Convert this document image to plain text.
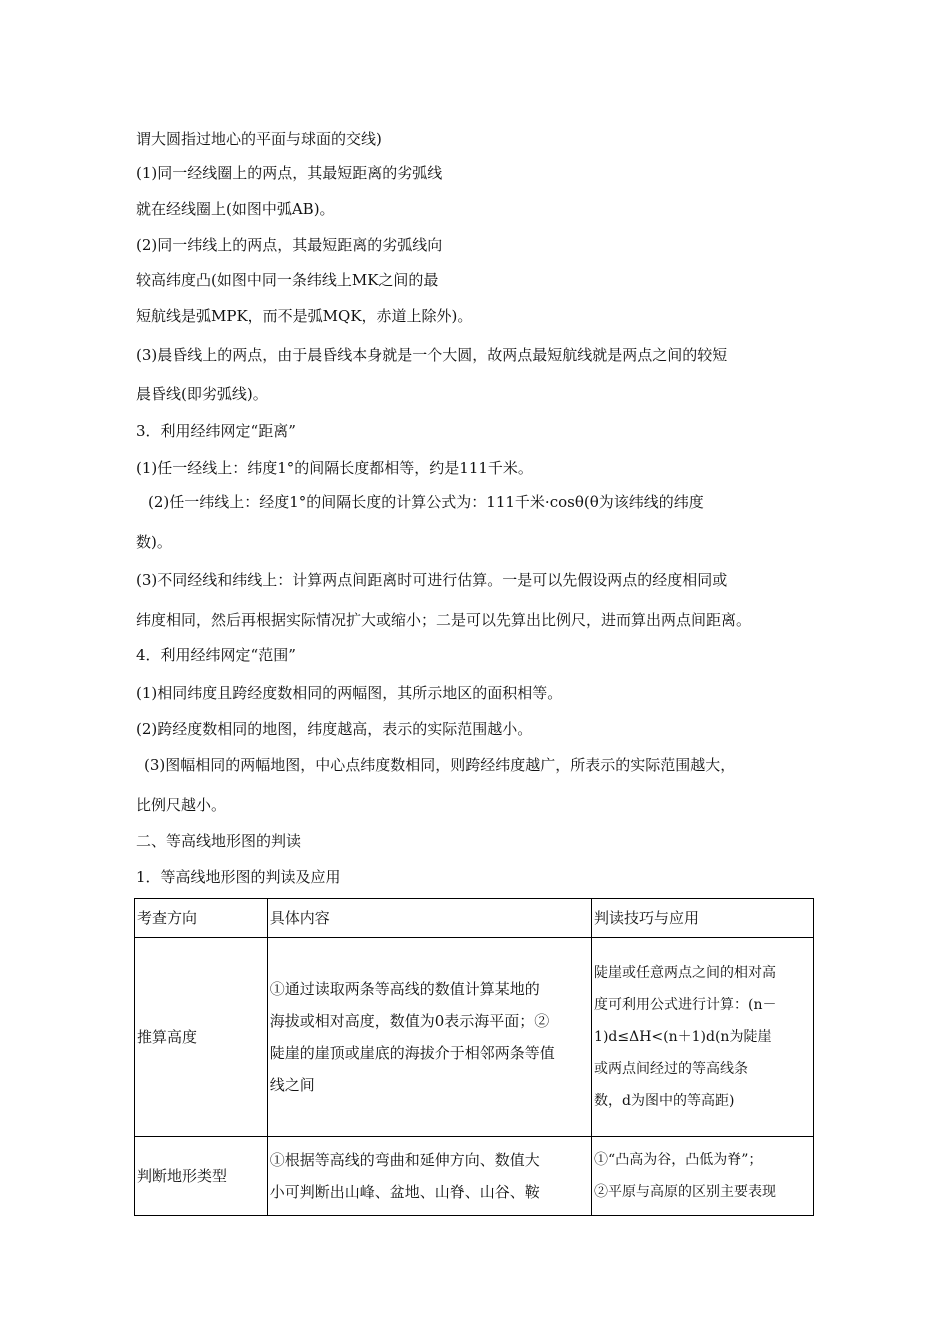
谓大圆指过地心的平面与球面的交线)
(1)同一经线圈上的两点，其最短距离的劣弧线
就在经线圈上(如图中弧AB)。
(2)同一纬线上的两点，其最短距离的劣弧线向
较高纬度凸(如图中同一条纬线上MK之间的最
短航线是弧MPK，而不是弧MQK，赤道上除外)。
(3)晨昏线上的两点，由于晨昏线本身就是一个大圆，故两点最短航线就是两点之间的较短
晨昏线(即劣弧线)。
3．利用经纬网定“距离”
(1)任一经线上：纬度1°的间隔长度都相等，约是111千米。
(2)任一纬线上：经度1°的间隔长度的计算公式为：111千米·cosθ(θ为该纬线的纬度
数)。
(3)不同经线和纬线上：计算两点间距离时可进行估算。一是可以先假设两点的经度相同或
纬度相同，然后再根据实际情况扩大或缩小；二是可以先算出比例尺，进而算出两点间距离。
4．利用经纬网定“范围”
(1)相同纬度且跨经度数相同的两幅图，其所示地区的面积相等。
(2)跨经度数相同的地图，纬度越高，表示的实际范围越小。
(3)图幅相同的两幅地图，中心点纬度数相同，则跨经纬度越广，所表示的实际范围越大，
比例尺越小。
二、等高线地形图的判读
1．等高线地形图的判读及应用
考查方向	具体内容	判读技巧与应用
推算高度	①通过读取两条等高线的数值计算某地的
海拔或相对高度，数值为0表示海平面；②
陡崖的崖顶或崖底的海拔介于相邻两条等值
线之间	陡崖或任意两点之间的相对高
度可利用公式进行计算：(n－
1)d≤ΔH<(n＋1)d(n为陡崖
或两点间经过的等高线条
数，d为图中的等高距)

判断地形类型	①根据等高线的弯曲和延伸方向、数值大
小可判断出山峰、盆地、山脊、山谷、鞍	①“凸高为谷，凸低为脊”；
②平原与高原的区别主要表现
